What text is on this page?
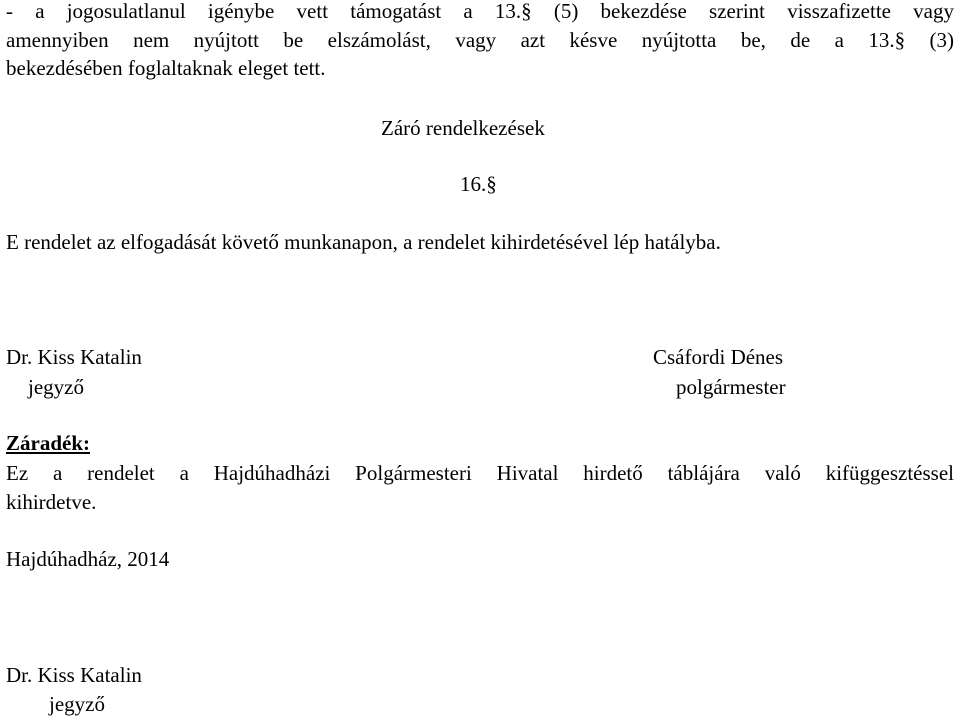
- a jogosulatlanul igénybe vett támogatást a 13.§ (5) bekezdése szerint visszafizette vagy
amennyiben nem nyújtott be elszámolást, vagy azt késve nyújtotta be, de a 13.§ (3)
bekezdésében foglaltaknak eleget tett.
Záró rendelkezések
16.§
E rendelet az elfogadását követő munkanapon, a rendelet kihirdetésével lép hatályba.
Dr. Kiss Katalin
jegyző
Csáfordi Dénes
polgármester
Záradék:
Ez a rendelet a Hajdúhadházi Polgármesteri Hivatal hirdető táblájára való kifüggesztéssel
kihirdetve.
Hajdúhadház, 2014
Dr. Kiss Katalin
jegyző
